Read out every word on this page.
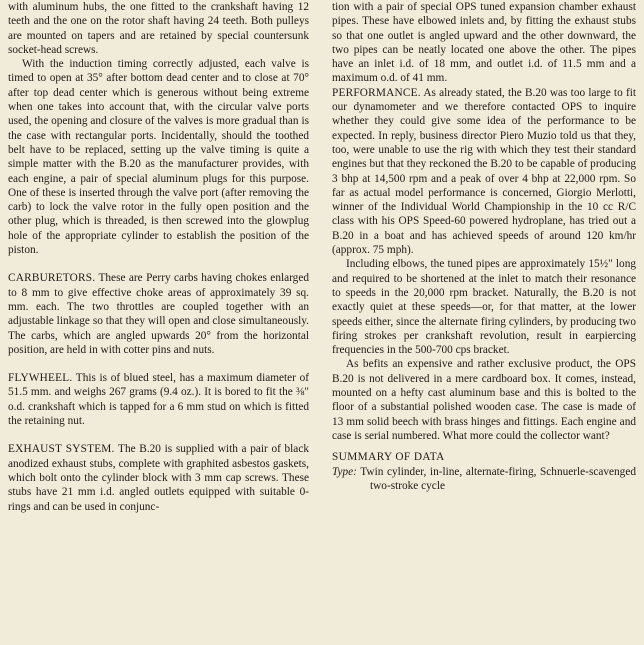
with aluminum hubs, the one fitted to the crankshaft having 12 teeth and the one on the rotor shaft having 24 teeth. Both pulleys are mounted on tapers and are retained by special countersunk socket-head screws.

With the induction timing correctly adjusted, each valve is timed to open at 35° after bottom dead center and to close at 70° after top dead center which is generous without being extreme when one takes into account that, with the circular valve ports used, the opening and closure of the valves is more gradual than is the case with rectangular ports. Incidentally, should the toothed belt have to be replaced, setting up the valve timing is quite a simple matter with the B.20 as the manufacturer provides, with each engine, a pair of special aluminum plugs for this purpose. One of these is inserted through the valve port (after removing the carb) to lock the valve rotor in the fully open position and the other plug, which is threaded, is then screwed into the glowplug hole of the appropriate cylinder to establish the position of the piston.

CARBURETORS. These are Perry carbs having chokes enlarged to 8 mm to give effective choke areas of approximately 39 sq. mm. each. The two throttles are coupled together with an adjustable linkage so that they will open and close simultaneously. The carbs, which are angled upwards 20° from the horizontal position, are held in with cotter pins and nuts.

FLYWHEEL. This is of blued steel, has a maximum diameter of 51.5 mm. and weighs 267 grams (9.4 oz.). It is bored to fit the ⅜" o.d. crankshaft which is tapped for a 6 mm stud on which is fitted the retaining nut.

EXHAUST SYSTEM. The B.20 is supplied with a pair of black anodized exhaust stubs, complete with graphited asbestos gaskets, which bolt onto the cylinder block with 3 mm cap screws. These stubs have 21 mm i.d. angled outlets equipped with suitable 0-rings and can be used in conjunc-

tion with a pair of special OPS tuned expansion chamber exhaust pipes. These have elbowed inlets and, by fitting the exhaust stubs so that one outlet is angled upward and the other downward, the two pipes can be neatly located one above the other. The pipes have an inlet i.d. of 18 mm, and outlet i.d. of 11.5 mm and a maximum o.d. of 41 mm.

PERFORMANCE. As already stated, the B.20 was too large to fit our dynamometer and we therefore contacted OPS to inquire whether they could give some idea of the performance to be expected. In reply, business director Piero Muzio told us that they, too, were unable to use the rig with which they test their standard engines but that they reckoned the B.20 to be capable of producing 3 bhp at 14,500 rpm and a peak of over 4 bhp at 22,000 rpm. So far as actual model performance is concerned, Giorgio Merlotti, winner of the Individual World Championship in the 10 cc R/C class with his OPS Speed-60 powered hydroplane, has tried out a B.20 in a boat and has achieved speeds of around 120 km/hr (approx. 75 mph).

Including elbows, the tuned pipes are approximately 15½" long and required to be shortened at the inlet to match their resonance to speeds in the 20,000 rpm bracket. Naturally, the B.20 is not exactly quiet at these speeds—or, for that matter, at the lower speeds either, since the alternate firing cylinders, by producing two firing strokes per crankshaft revolution, result in earpiercing frequencies in the 500-700 cps bracket.

As befits an expensive and rather exclusive product, the OPS B.20 is not delivered in a mere cardboard box. It comes, instead, mounted on a hefty cast aluminum base and this is bolted to the floor of a substantial polished wooden case. The case is made of 13 mm solid beech with brass hinges and fittings. Each engine and case is serial numbered. What more could the collector want?

SUMMARY OF DATA

Type: Twin cylinder, in-line, alternate-firing, Schnuerle-scavenged two-stroke cycle
